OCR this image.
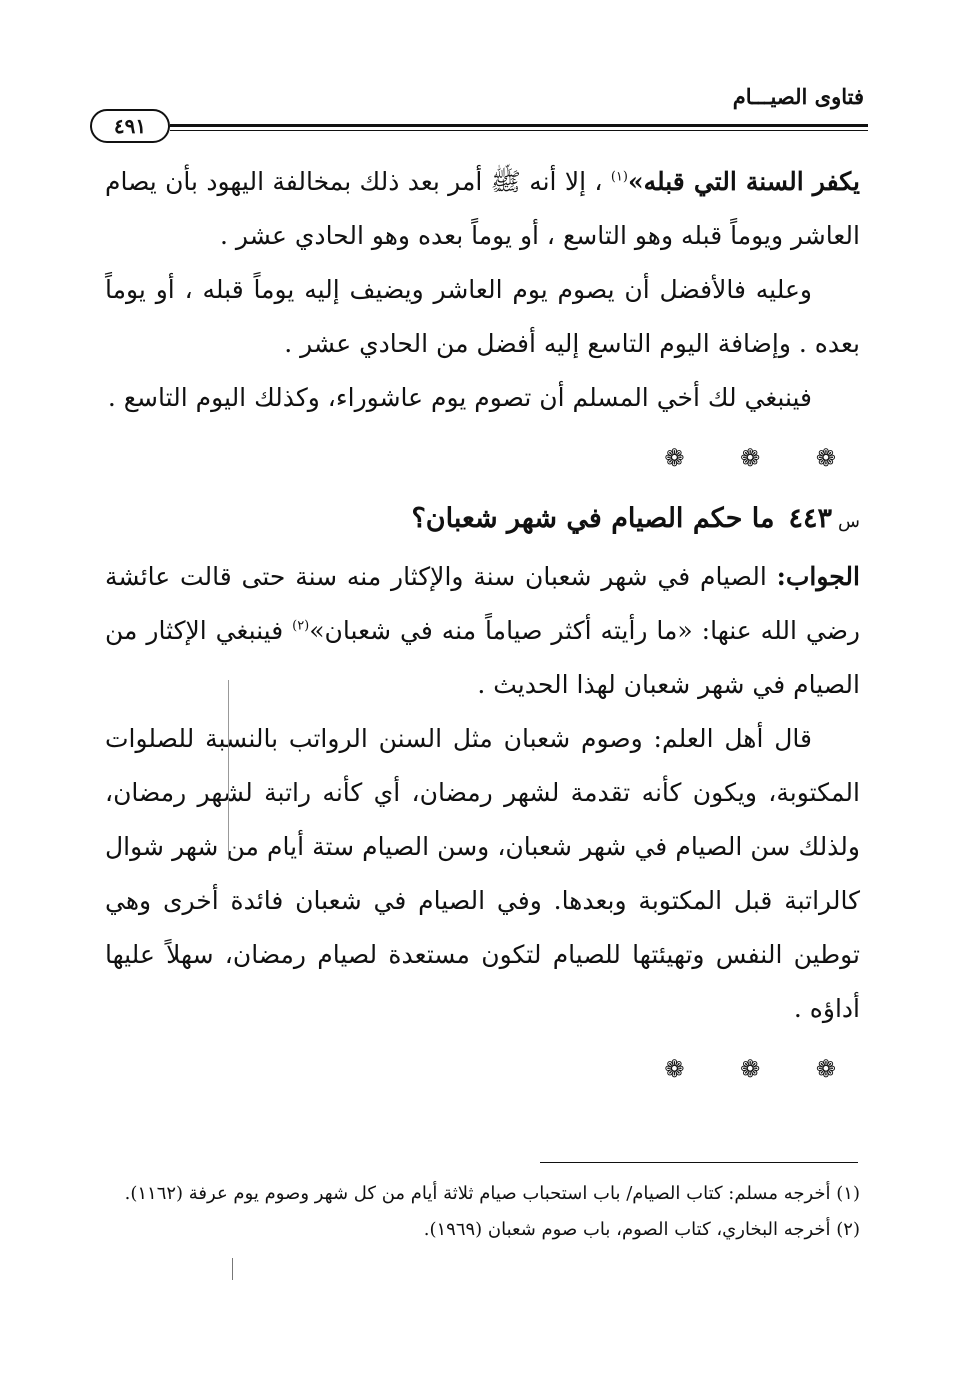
فتاوى الصيـــام
٤٩١

يكفر السنة التي قبله»$^{(١)}$ ، إلا أنه ﷺ أمر بعد ذلك بمخالفة اليهود بأن يصام العاشر ويوماً قبله وهو التاسع ، أو يوماً بعده وهو الحادي عشر .

وعليه فالأفضل أن يصوم يوم العاشر ويضيف إليه يوماً قبله ، أو يوماً بعده . وإضافة اليوم التاسع إليه أفضل من الحادي عشر .

فينبغي لك أخي المسلم أن تصوم يوم عاشوراء، وكذلك اليوم التاسع .

❁ ❁ ❁

س٤٤٣ما حكم الصيام في شهر شعبان؟

الجواب: الصيام في شهر شعبان سنة والإكثار منه سنة حتى قالت عائشة رضي الله عنها: «ما رأيته أكثر صياماً منه في شعبان»$^{(٢)}$ فينبغي الإكثار من الصيام في شهر شعبان لهذا الحديث .

قال أهل العلم: وصوم شعبان مثل السنن الرواتب بالنسبة للصلوات المكتوبة، ويكون كأنه تقدمة لشهر رمضان، أي كأنه راتبة لشهر رمضان، ولذلك سن الصيام في شهر شعبان، وسن الصيام ستة أيام من شهر شوال كالراتبة قبل المكتوبة وبعدها. وفي الصيام في شعبان فائدة أخرى وهي توطين النفس وتهيئتها للصيام لتكون مستعدة لصيام رمضان، سهلاً عليها أداؤه .

❁ ❁ ❁

(١) أخرجه مسلم: كتاب الصيام/ باب استحباب صيام ثلاثة أيام من كل شهر وصوم يوم عرفة (١١٦٢).

(٢) أخرجه البخاري، كتاب الصوم، باب صوم شعبان (١٩٦٩).
